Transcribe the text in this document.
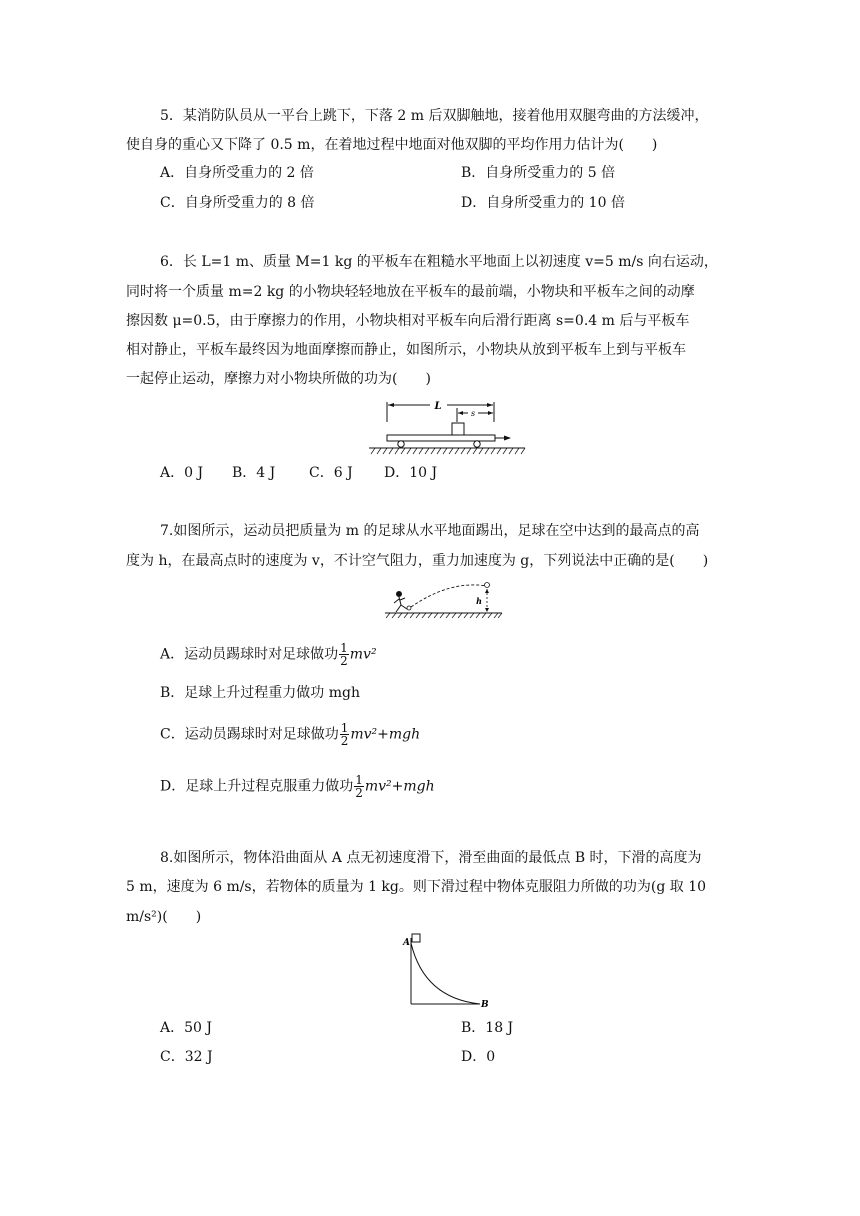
5．某消防队员从一平台上跳下，下落 2 m 后双脚触地，接着他用双腿弯曲的方法缓冲，
使自身的重心又下降了 0.5 m，在着地过程中地面对他双脚的平均作用力估计为(　　)
A．自身所受重力的 2 倍	B．自身所受重力的 5 倍
C．自身所受重力的 8 倍	D．自身所受重力的 10 倍
6．长 L=1 m、质量 M=1 kg 的平板车在粗糙水平地面上以初速度 v=5 m/s 向右运动，
同时将一个质量 m=2 kg 的小物块轻轻地放在平板车的最前端，小物块和平板车之间的动摩
擦因数 μ=0.5，由于摩擦力的作用，小物块相对平板车向后滑行距离 s=0.4 m 后与平板车
相对静止，平板车最终因为地面摩擦而静止，如图所示，小物块从放到平板车上到与平板车
一起停止运动，摩擦力对小物块所做的功为(　　)
L
s
A．0 J B．4 J C．6 J D．10 J
7.如图所示，运动员把质量为 m 的足球从水平地面踢出，足球在空中达到的最高点的高
度为 h，在最高点时的速度为 v，不计空气阻力，重力加速度为 g，下列说法中正确的是(　　)
h
A．运动员踢球时对足球做功 $\frac{1}{2} mv^2$
B．足球上升过程重力做功 mgh
C．运动员踢球时对足球做功 $\frac{1}{2} mv^2+mgh$
D．足球上升过程克服重力做功 $\frac{1}{2} mv^2+mgh$
8.如图所示，物体沿曲面从 A 点无初速度滑下，滑至曲面的最低点 B 时，下滑的高度为
5 m，速度为 6 m/s，若物体的质量为 1 kg。则下滑过程中物体克服阻力所做的功为(g 取 10
m/s²)(　　)
A
B
A．50 J	B．18 J
C．32 J	D．0
